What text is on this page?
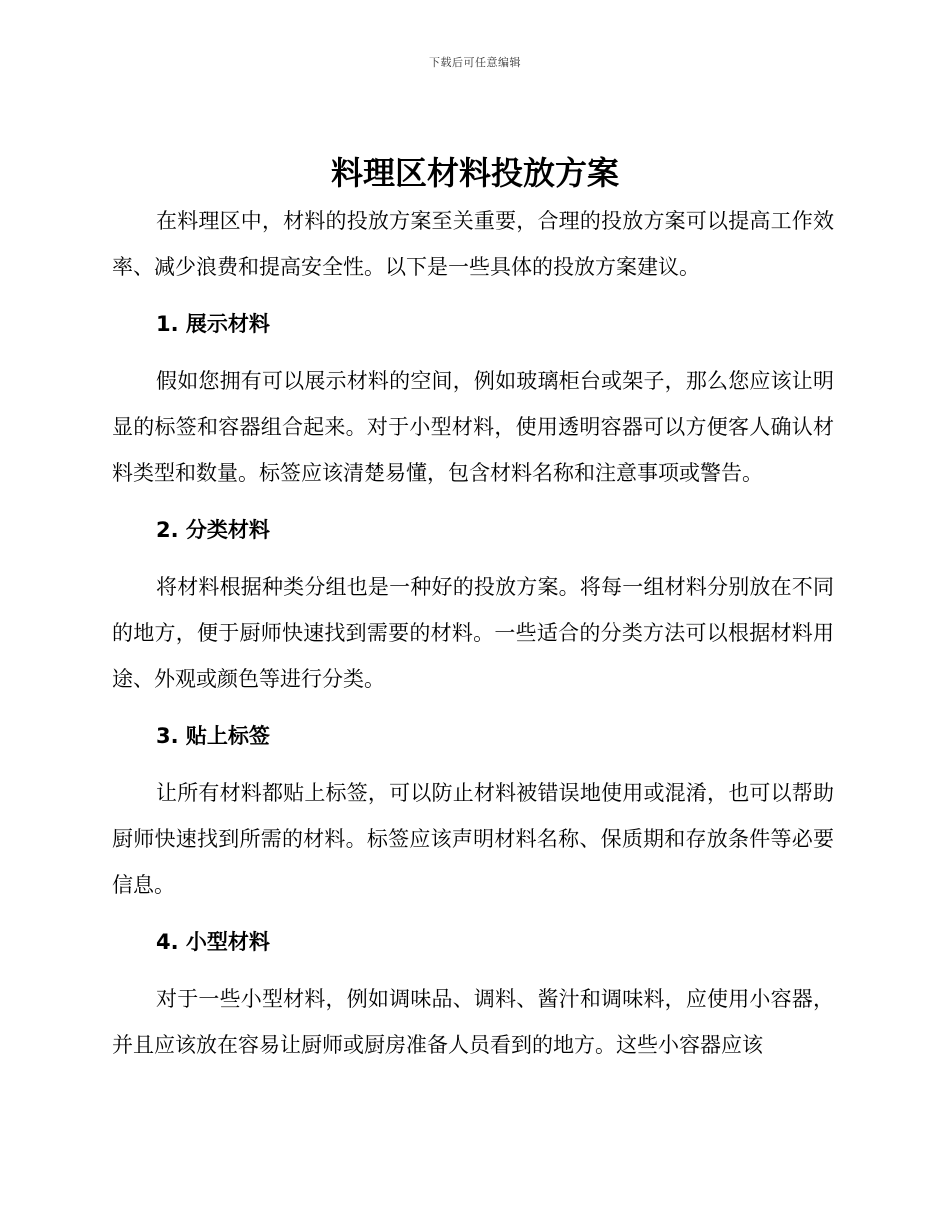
下载后可任意编辑
料理区材料投放方案

在料理区中，材料的投放方案至关重要，合理的投放方案可以提高工作效率、减少浪费和提高安全性。以下是一些具体的投放方案建议。

1. 展示材料

假如您拥有可以展示材料的空间，例如玻璃柜台或架子，那么您应该让明显的标签和容器组合起来。对于小型材料，使用透明容器可以方便客人确认材料类型和数量。标签应该清楚易懂，包含材料名称和注意事项或警告。

2. 分类材料

将材料根据种类分组也是一种好的投放方案。将每一组材料分别放在不同的地方，便于厨师快速找到需要的材料。一些适合的分类方法可以根据材料用途、外观或颜色等进行分类。

3. 贴上标签

让所有材料都贴上标签，可以防止材料被错误地使用或混淆，也可以帮助厨师快速找到所需的材料。标签应该声明材料名称、保质期和存放条件等必要信息。

4. 小型材料

对于一些小型材料，例如调味品、调料、酱汁和调味料，应使用小容器，并且应该放在容易让厨师或厨房准备人员看到的地方。这些小容器应该
